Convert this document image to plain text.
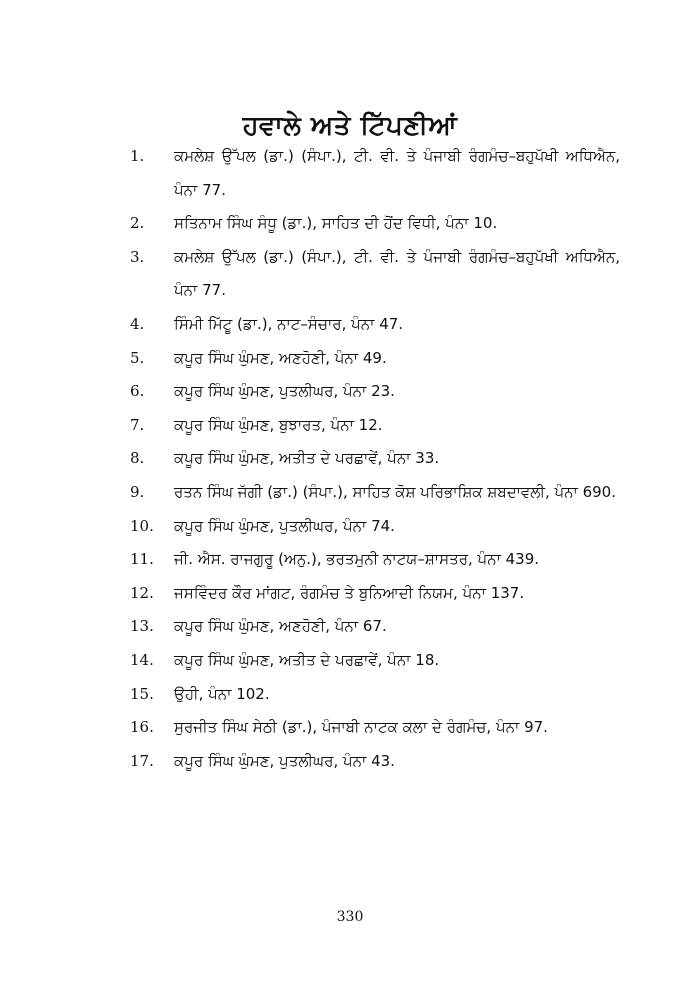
ਹਵਾਲੇ ਅਤੇ ਟਿੱਪਣੀਆਂ
1. ਕਮਲੇਸ਼ ਉੱਪਲ (ਡਾ.) (ਸੰਪਾ.), ਟੀ. ਵੀ. ਤੇ ਪੰਜਾਬੀ ਰੰਗਮੰਚ–ਬਹੁਪੱਖੀ ਅਧਿਐਨ, ਪੰਨਾ 77.
2. ਸਤਿਨਾਮ ਸਿੰਘ ਸੰਧੂ (ਡਾ.), ਸਾਹਿਤ ਦੀ ਹੋਂਦ ਵਿਧੀ, ਪੰਨਾ 10.
3. ਕਮਲੇਸ਼ ਉੱਪਲ (ਡਾ.) (ਸੰਪਾ.), ਟੀ. ਵੀ. ਤੇ ਪੰਜਾਬੀ ਰੰਗਮੰਚ–ਬਹੁਪੱਖੀ ਅਧਿਐਨ, ਪੰਨਾ 77.
4. ਸਿੰਮੀ ਮਿੱਟੂ (ਡਾ.), ਨਾਟ–ਸੰਚਾਰ, ਪੰਨਾ 47.
5. ਕਪੂਰ ਸਿੰਘ ਘੁੰਮਣ, ਅਣਹੋਣੀ, ਪੰਨਾ 49.
6. ਕਪੂਰ ਸਿੰਘ ਘੁੰਮਣ, ਪੁਤਲੀਘਰ, ਪੰਨਾ 23.
7. ਕਪੂਰ ਸਿੰਘ ਘੁੰਮਣ, ਬੁਝਾਰਤ, ਪੰਨਾ 12.
8. ਕਪੂਰ ਸਿੰਘ ਘੁੰਮਣ, ਅਤੀਤ ਦੇ ਪਰਛਾਵੇਂ, ਪੰਨਾ 33.
9. ਰਤਨ ਸਿੰਘ ਜੱਗੀ (ਡਾ.) (ਸੰਪਾ.), ਸਾਹਿਤ ਕੋਸ਼ ਪਰਿਭਾਸ਼ਿਕ ਸ਼ਬਦਾਵਲੀ, ਪੰਨਾ 690.
10. ਕਪੂਰ ਸਿੰਘ ਘੁੰਮਣ, ਪੁਤਲੀਘਰ, ਪੰਨਾ 74.
11. ਜੀ. ਐਸ. ਰਾਜਗੁਰੂ (ਅਨੁ.), ਭਰਤਮੁਨੀ ਨਾਟਯ–ਸ਼ਾਸਤਰ, ਪੰਨਾ 439.
12. ਜਸਵਿੰਦਰ ਕੌਰ ਮਾਂਗਟ, ਰੰਗਮੰਚ ਤੇ ਬੁਨਿਆਦੀ ਨਿਯਮ, ਪੰਨਾ 137.
13. ਕਪੂਰ ਸਿੰਘ ਘੁੰਮਣ, ਅਣਹੋਣੀ, ਪੰਨਾ 67.
14. ਕਪੂਰ ਸਿੰਘ ਘੁੰਮਣ, ਅਤੀਤ ਦੇ ਪਰਛਾਵੇਂ, ਪੰਨਾ 18.
15. ਉਹੀ, ਪੰਨਾ 102.
16. ਸੁਰਜੀਤ ਸਿੰਘ ਸੇਠੀ (ਡਾ.), ਪੰਜਾਬੀ ਨਾਟਕ ਕਲਾ ਦੇ ਰੰਗਮੰਚ, ਪੰਨਾ 97.
17. ਕਪੂਰ ਸਿੰਘ ਘੁੰਮਣ, ਪੁਤਲੀਘਰ, ਪੰਨਾ 43.
330
